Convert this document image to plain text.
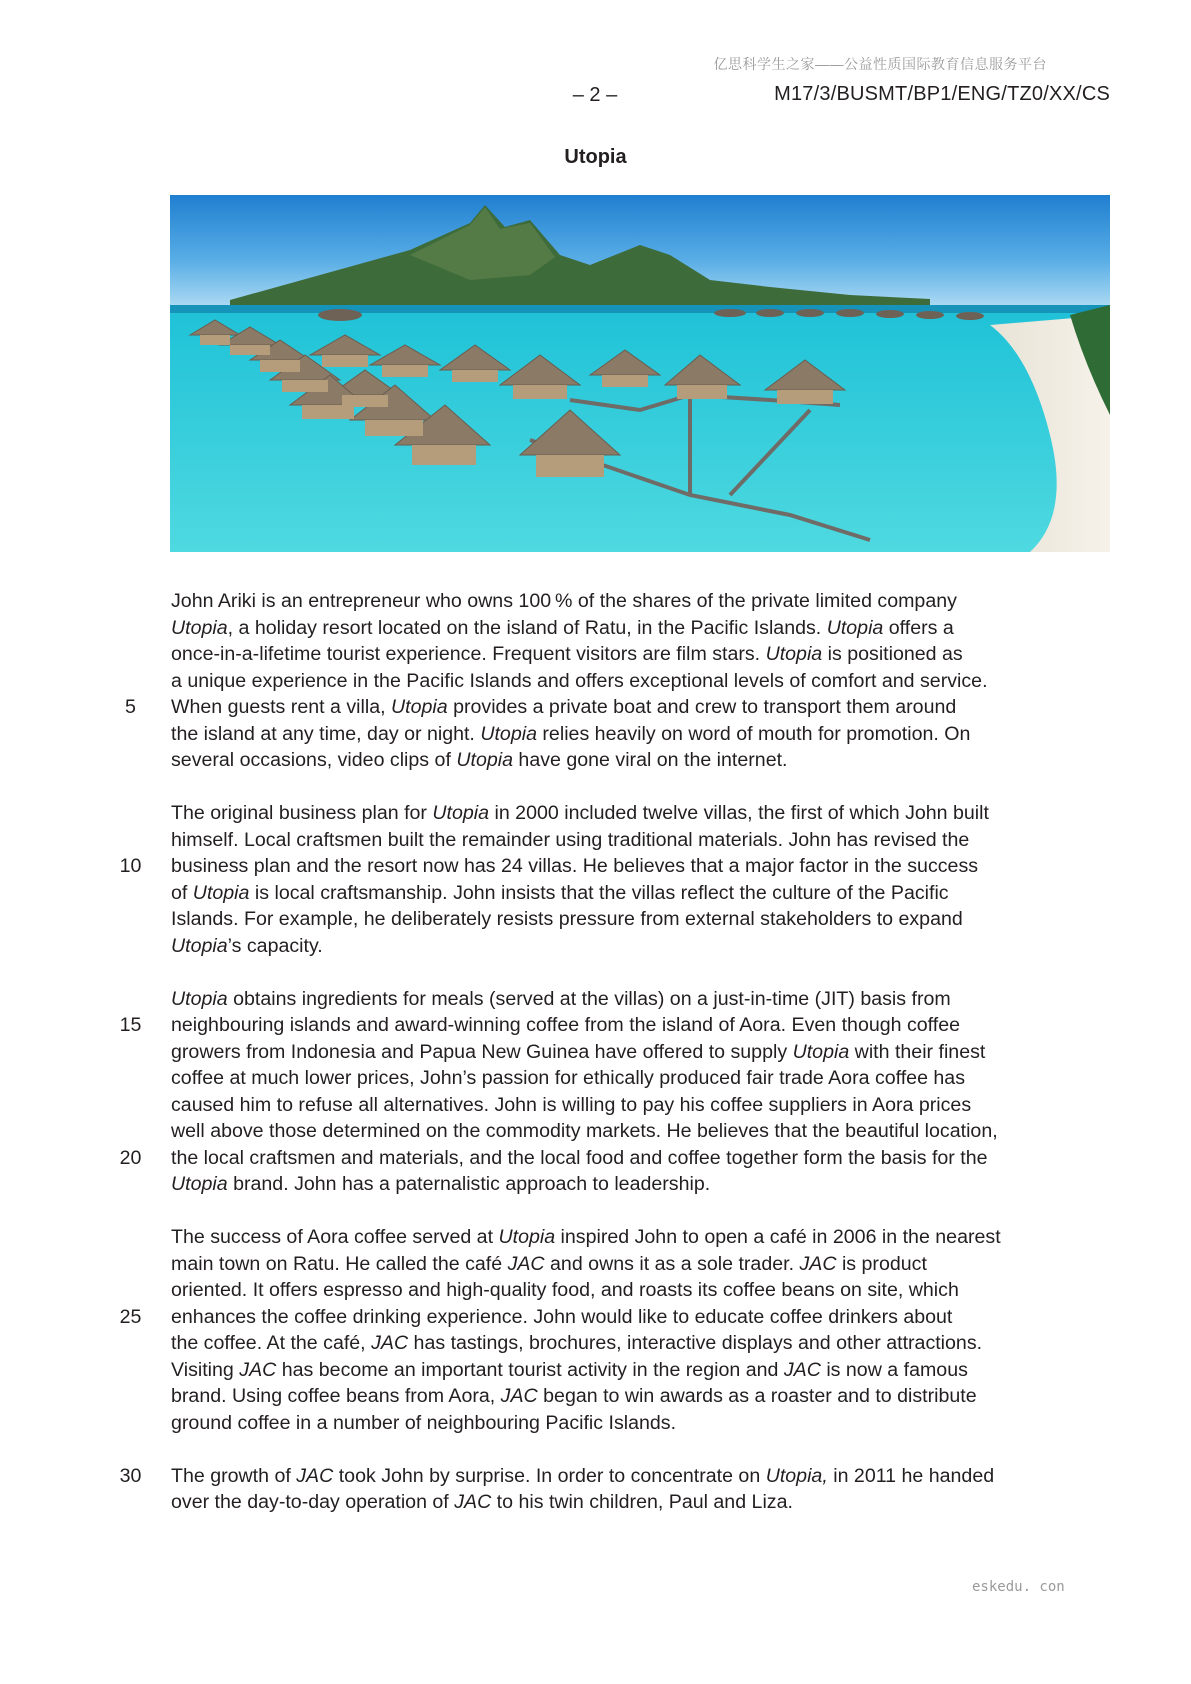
亿思科学生之家——公益性质国际教育信息服务平台
– 2 –	M17/3/BUSMT/BP1/ENG/TZ0/XX/CS
Utopia
John Ariki is an entrepreneur who owns 100 % of the shares of the private limited company
Utopia, a holiday resort located on the island of Ratu, in the Pacific Islands. Utopia offers a
once-in-a-lifetime tourist experience. Frequent visitors are film stars. Utopia is positioned as
a unique experience in the Pacific Islands and offers exceptional levels of comfort and service.
5	When guests rent a villa, Utopia provides a private boat and crew to transport them around
the island at any time, day or night. Utopia relies heavily on word of mouth for promotion. On
several occasions, video clips of Utopia have gone viral on the internet.
The original business plan for Utopia in 2000 included twelve villas, the first of which John built
himself. Local craftsmen built the remainder using traditional materials. John has revised the
10	business plan and the resort now has 24 villas. He believes that a major factor in the success
of Utopia is local craftsmanship. John insists that the villas reflect the culture of the Pacific
Islands. For example, he deliberately resists pressure from external stakeholders to expand
Utopia’s capacity.
Utopia obtains ingredients for meals (served at the villas) on a just-in-time (JIT) basis from
15	neighbouring islands and award-winning coffee from the island of Aora. Even though coffee
growers from Indonesia and Papua New Guinea have offered to supply Utopia with their finest
coffee at much lower prices, John’s passion for ethically produced fair trade Aora coffee has
caused him to refuse all alternatives. John is willing to pay his coffee suppliers in Aora prices
well above those determined on the commodity markets. He believes that the beautiful location,
20	the local craftsmen and materials, and the local food and coffee together form the basis for the
Utopia brand. John has a paternalistic approach to leadership.
The success of Aora coffee served at Utopia inspired John to open a café in 2006 in the nearest
main town on Ratu. He called the café JAC and owns it as a sole trader. JAC is product
oriented. It offers espresso and high-quality food, and roasts its coffee beans on site, which
25	enhances the coffee drinking experience. John would like to educate coffee drinkers about
the coffee. At the café, JAC has tastings, brochures, interactive displays and other attractions.
Visiting JAC has become an important tourist activity in the region and JAC is now a famous
brand. Using coffee beans from Aora, JAC began to win awards as a roaster and to distribute
ground coffee in a number of neighbouring Pacific Islands.
30	The growth of JAC took John by surprise. In order to concentrate on Utopia, in 2011 he handed
over the day-to-day operation of JAC to his twin children, Paul and Liza.
eskedu. con
